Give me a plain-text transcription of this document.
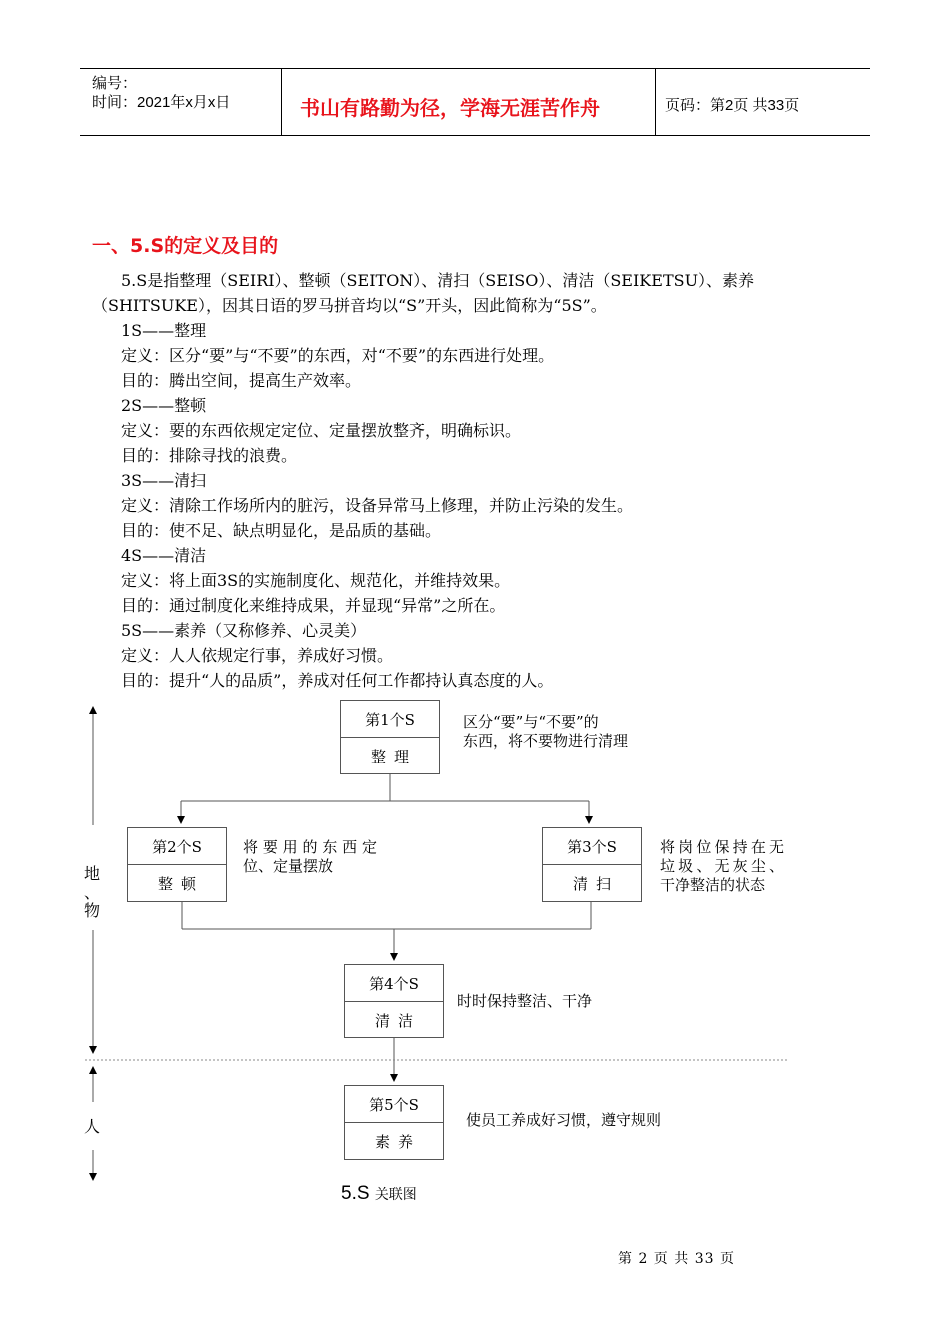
编号：
时间：2021年x月x日	书山有路勤为径，学海无涯苦作舟	页码：第2页 共33页
一、5.S的定义及目的
5.S是指整理（SEIRI）、整顿（SEITON）、清扫（SEISO）、清洁（SEIKETSU）、素养
（SHITSUKE），因其日语的罗马拼音均以“S”开头，因此简称为“5S”。
1S——整理
定义：区分“要”与“不要”的东西，对“不要”的东西进行处理。
目的：腾出空间，提高生产效率。
2S——整顿
定义：要的东西依规定定位、定量摆放整齐，明确标识。
目的：排除寻找的浪费。
3S——清扫
定义：清除工作场所内的脏污，设备异常马上修理，并防止污染的发生。
目的：使不足、缺点明显化，是品质的基础。
4S——清洁
定义：将上面3S的实施制度化、规范化，并维持效果。
目的：通过制度化来维持成果，并显现“异常”之所在。
5S——素养（又称修养、心灵美）
定义：人人依规定行事，养成好习惯。
目的：提升“人的品质”，养成对任何工作都持认真态度的人。
第1个S
整理
第2个S
整顿
第3个S
清扫
第4个S
清洁
第5个S
素养
区分“要”与“不要”的
东西，将不要物进行清理
将要用的东西定
位、定量摆放
将岗位保持在无
垃圾、无灰尘、
干净整洁的状态
时时保持整洁、干净
使员工养成好习惯，遵守规则
地
、
物
人
5.S 关联图
第 2 页 共 33 页
